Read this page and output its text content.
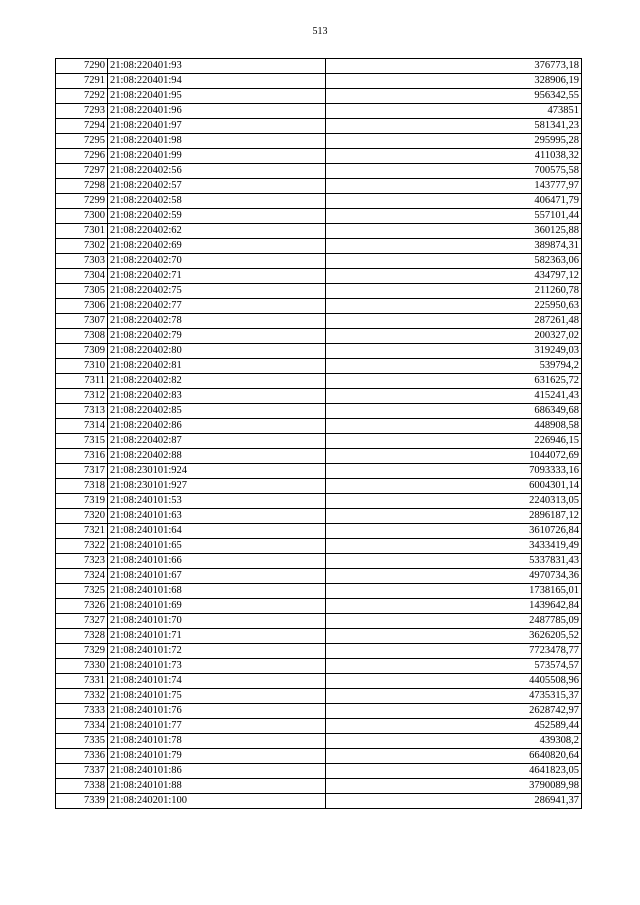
513
7290	21:08:220401:93	376773,18
7291	21:08:220401:94	328906,19
7292	21:08:220401:95	956342,55
7293	21:08:220401:96	473851
7294	21:08:220401:97	581341,23
7295	21:08:220401:98	295995,28
7296	21:08:220401:99	411038,32
7297	21:08:220402:56	700575,58
7298	21:08:220402:57	143777,97
7299	21:08:220402:58	406471,79
7300	21:08:220402:59	557101,44
7301	21:08:220402:62	360125,88
7302	21:08:220402:69	389874,31
7303	21:08:220402:70	582363,06
7304	21:08:220402:71	434797,12
7305	21:08:220402:75	211260,78
7306	21:08:220402:77	225950,63
7307	21:08:220402:78	287261,48
7308	21:08:220402:79	200327,02
7309	21:08:220402:80	319249,03
7310	21:08:220402:81	539794,2
7311	21:08:220402:82	631625,72
7312	21:08:220402:83	415241,43
7313	21:08:220402:85	686349,68
7314	21:08:220402:86	448908,58
7315	21:08:220402:87	226946,15
7316	21:08:220402:88	1044072,69
7317	21:08:230101:924	7093333,16
7318	21:08:230101:927	6004301,14
7319	21:08:240101:53	2240313,05
7320	21:08:240101:63	2896187,12
7321	21:08:240101:64	3610726,84
7322	21:08:240101:65	3433419,49
7323	21:08:240101:66	5337831,43
7324	21:08:240101:67	4970734,36
7325	21:08:240101:68	1738165,01
7326	21:08:240101:69	1439642,84
7327	21:08:240101:70	2487785,09
7328	21:08:240101:71	3626205,52
7329	21:08:240101:72	7723478,77
7330	21:08:240101:73	573574,57
7331	21:08:240101:74	4405508,96
7332	21:08:240101:75	4735315,37
7333	21:08:240101:76	2628742,97
7334	21:08:240101:77	452589,44
7335	21:08:240101:78	439308,2
7336	21:08:240101:79	6640820,64
7337	21:08:240101:86	4641823,05
7338	21:08:240101:88	3790089,98
7339	21:08:240201:100	286941,37
